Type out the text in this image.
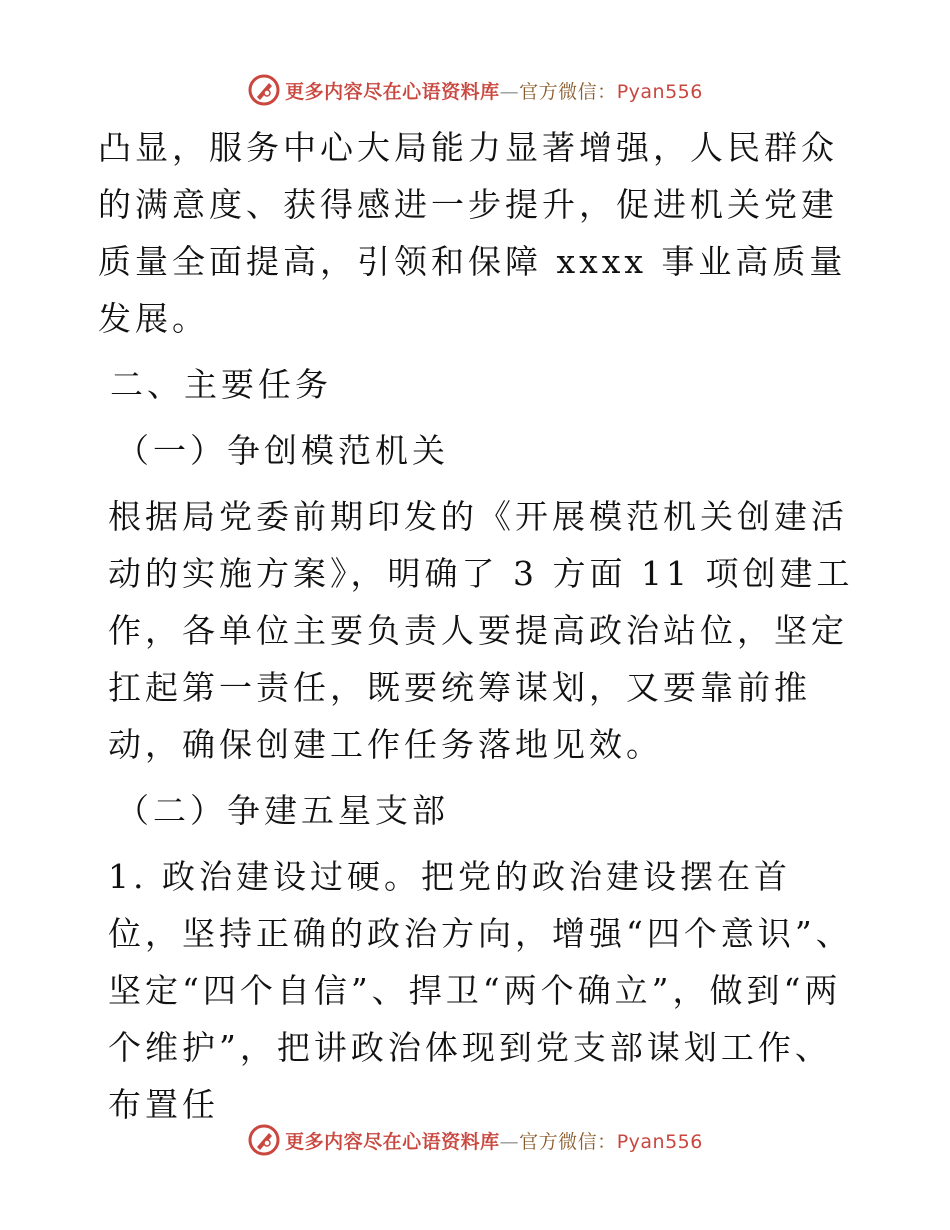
更多内容尽在心语资料库—官方微信：Pyan556

凸显，服务中心大局能力显著增强，人民群众的满意度、获得感进一步提升，促进机关党建质量全面提高，引领和保障 xxxx 事业高质量发展。

二、主要任务

（一）争创模范机关

根据局党委前期印发的《开展模范机关创建活动的实施方案》，明确了 3 方面 11 项创建工作，各单位主要负责人要提高政治站位，坚定扛起第一责任，既要统筹谋划，又要靠前推动，确保创建工作任务落地见效。

（二）争建五星支部

1. 政治建设过硬。把党的政治建设摆在首位，坚持正确的政治方向，增强“四个意识”、坚定“四个自信”、捍卫“两个确立”，做到“两个维护”，把讲政治体现到党支部谋划工作、布置任

更多内容尽在心语资料库—官方微信：Pyan556
